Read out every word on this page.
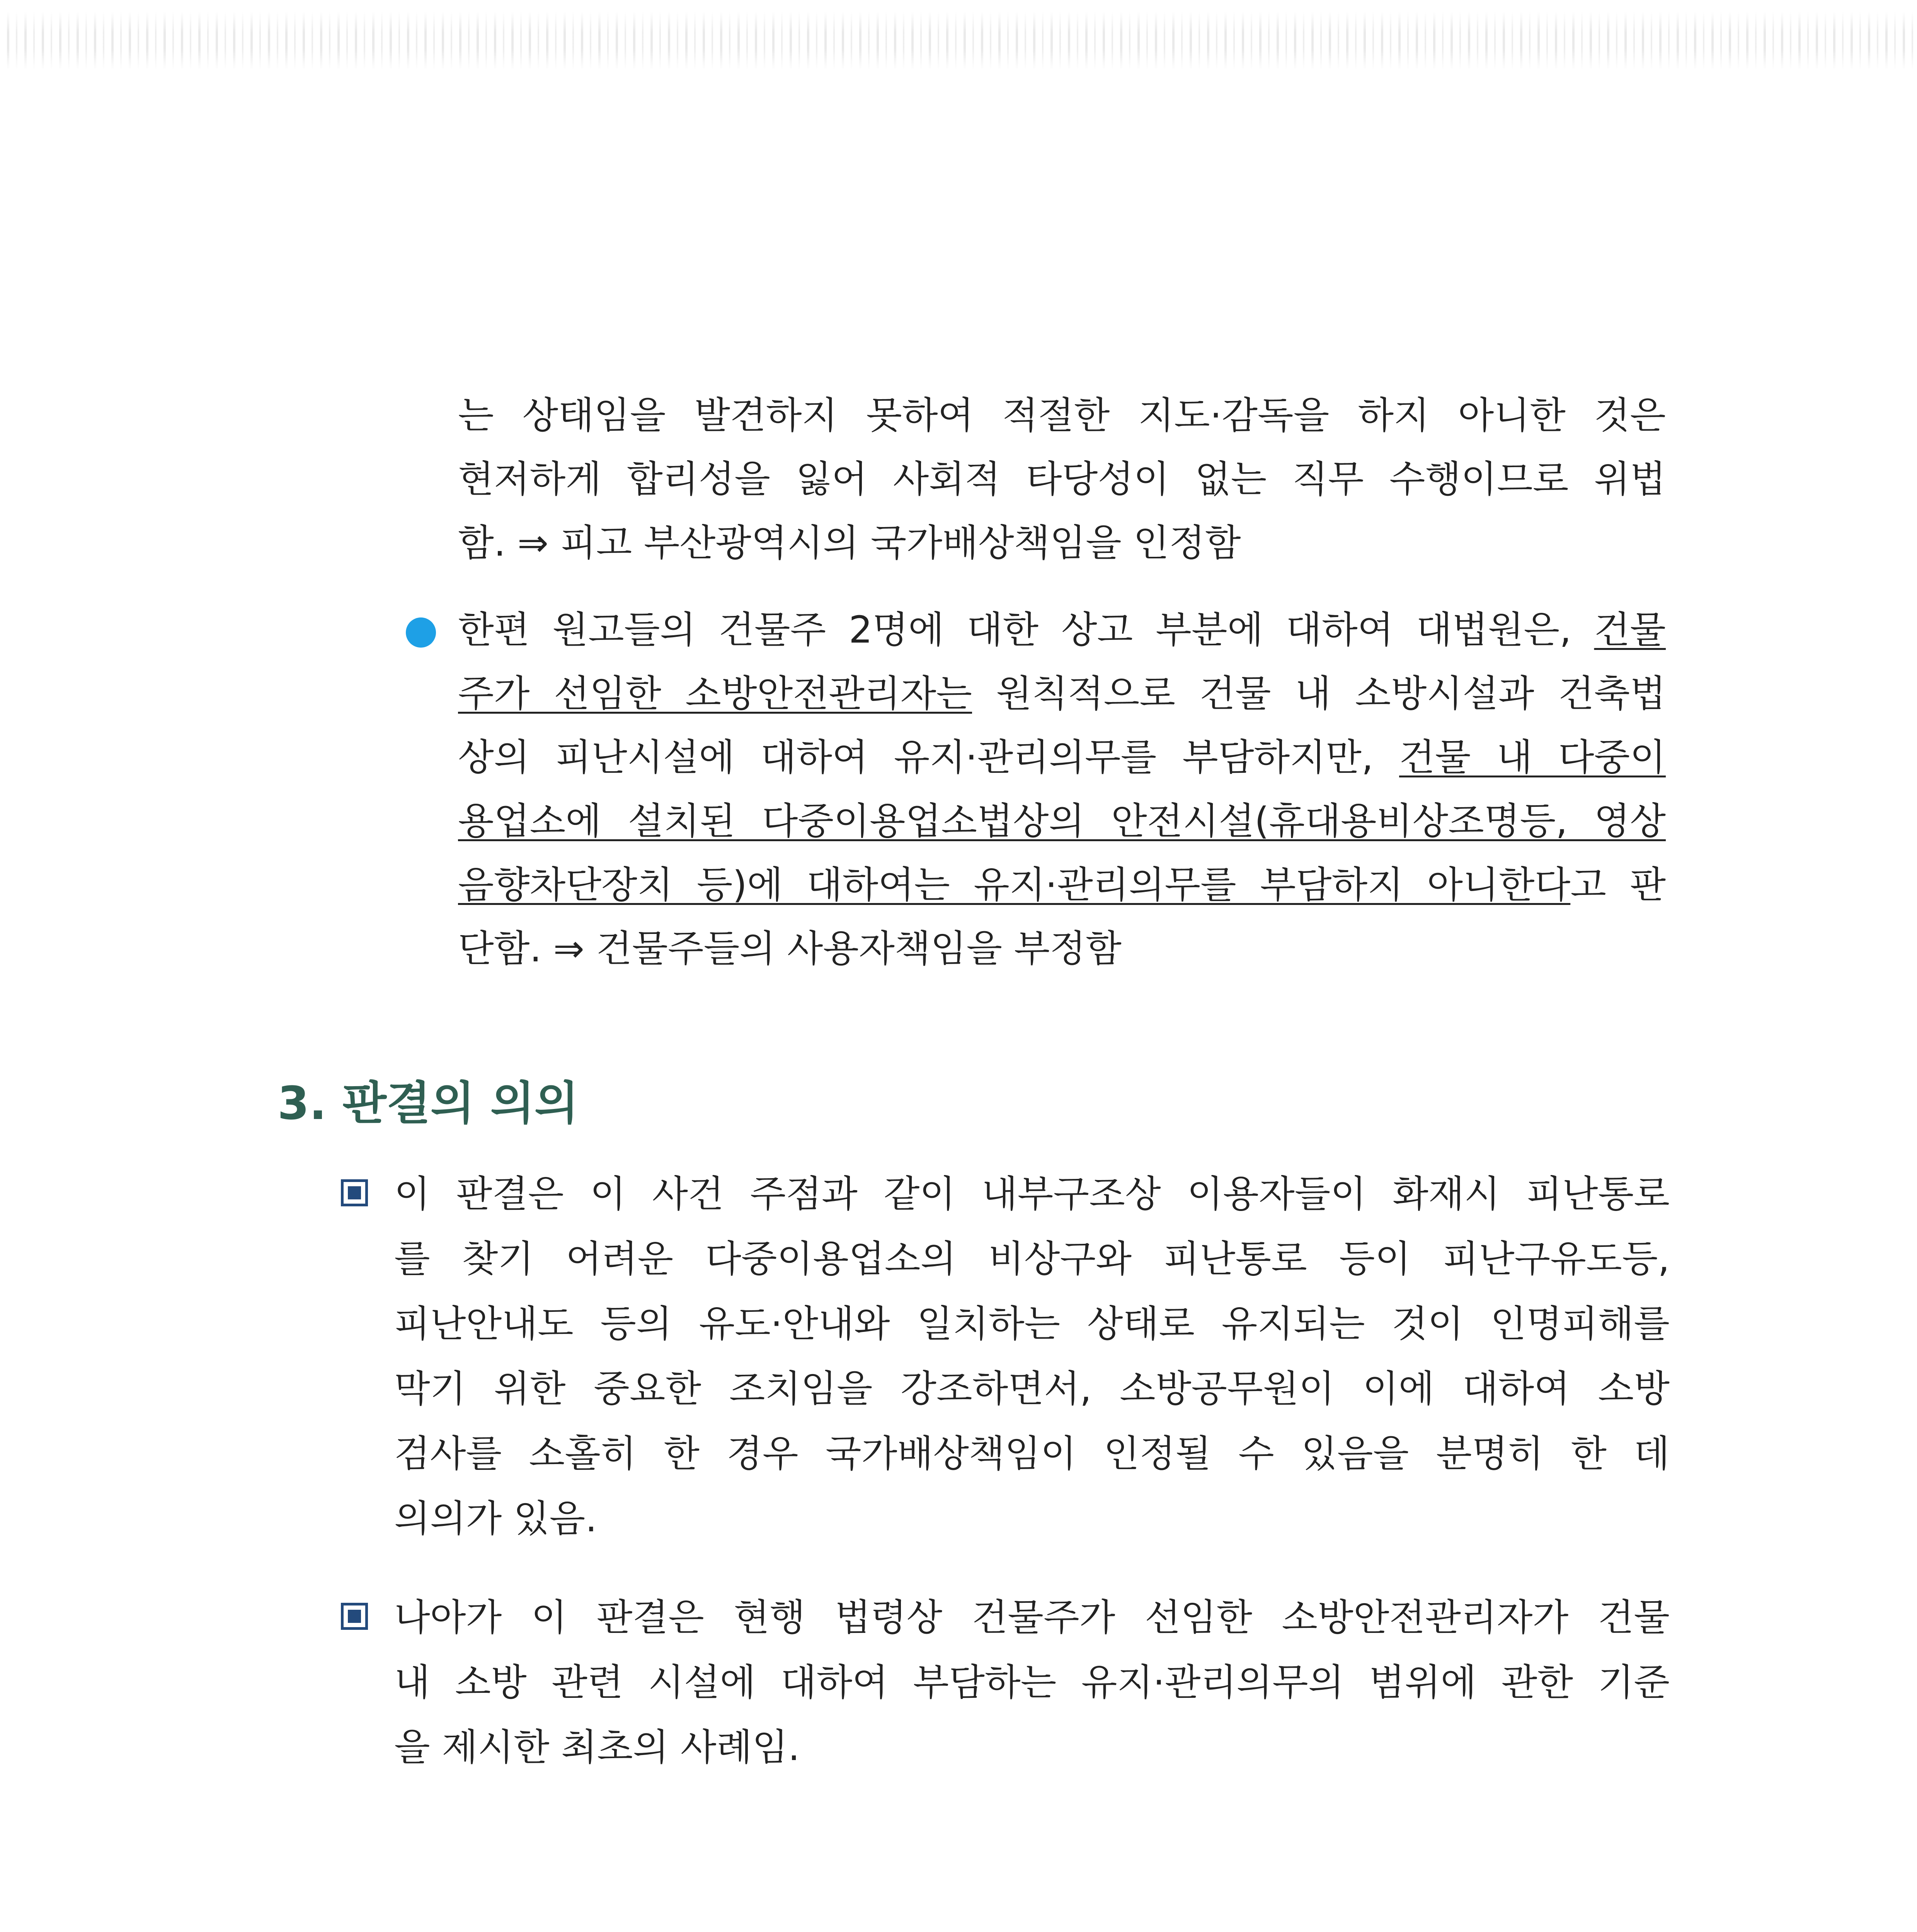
는 상태임을 발견하지 못하여 적절한 지도·감독을 하지 아니한 것은
현저하게 합리성을 잃어 사회적 타당성이 없는 직무 수행이므로 위법
함. ⇒ 피고 부산광역시의 국가배상책임을 인정함
한편 원고들의 건물주 2명에 대한 상고 부분에 대하여 대법원은, 건물
주가 선임한 소방안전관리자는 원칙적으로 건물 내 소방시설과 건축법
상의 피난시설에 대하여 유지·관리의무를 부담하지만, 건물 내 다중이
용업소에 설치된 다중이용업소법상의 안전시설(휴대용비상조명등, 영상
음향차단장치 등)에 대하여는 유지·관리의무를 부담하지 아니한다고 판
단함. ⇒ 건물주들의 사용자책임을 부정함
3. 판결의 의의
이 판결은 이 사건 주점과 같이 내부구조상 이용자들이 화재시 피난통로
를 찾기 어려운 다중이용업소의 비상구와 피난통로 등이 피난구유도등,
피난안내도 등의 유도·안내와 일치하는 상태로 유지되는 것이 인명피해를
막기 위한 중요한 조치임을 강조하면서, 소방공무원이 이에 대하여 소방
검사를 소홀히 한 경우 국가배상책임이 인정될 수 있음을 분명히 한 데
의의가 있음.
나아가 이 판결은 현행 법령상 건물주가 선임한 소방안전관리자가 건물
내 소방 관련 시설에 대하여 부담하는 유지·관리의무의 범위에 관한 기준
을 제시한 최초의 사례임.
